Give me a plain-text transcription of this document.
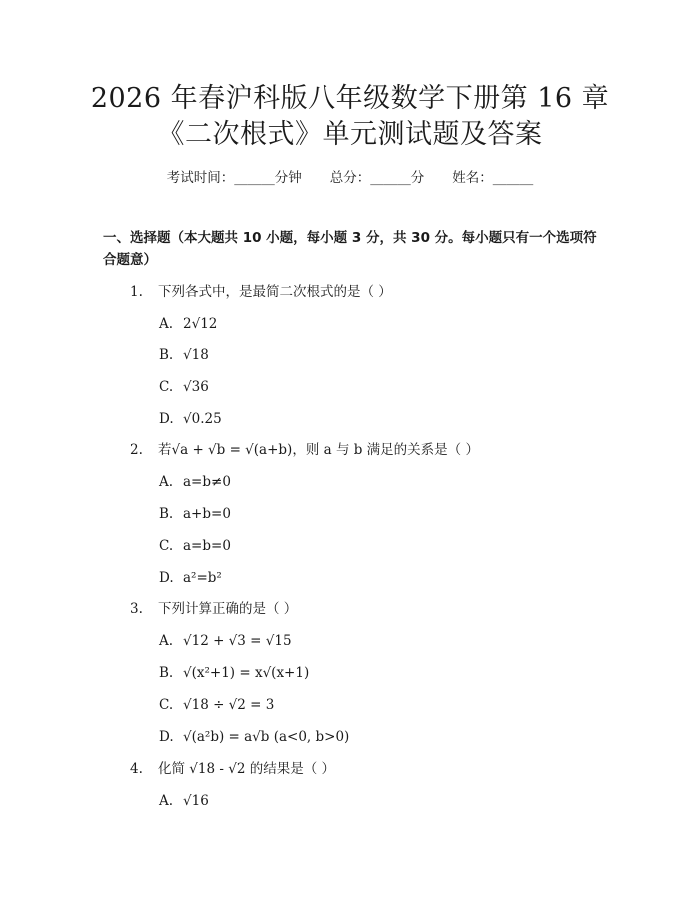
2026 年春沪科版八年级数学下册第 16 章
《二次根式》单元测试题及答案
考试时间：______分钟 总分：______分 姓名：______
一、选择题（本大题共 10 小题，每小题 3 分，共 30 分。每小题只有一个选项符合题意）
1. 下列各式中，是最简二次根式的是（ ）
A. 2√12
B. √18
C. √36
D. √0.25
2. 若√a + √b = √(a+b)，则 a 与 b 满足的关系是（ ）
A. a=b≠0
B. a+b=0
C. a=b=0
D. a²=b²
3. 下列计算正确的是（ ）
A. √12 + √3 = √15
B. √(x²+1) = x√(x+1)
C. √18 ÷ √2 = 3
D. √(a²b) = a√b (a<0, b>0)
4. 化简 √18 - √2 的结果是（ ）
A. √16
